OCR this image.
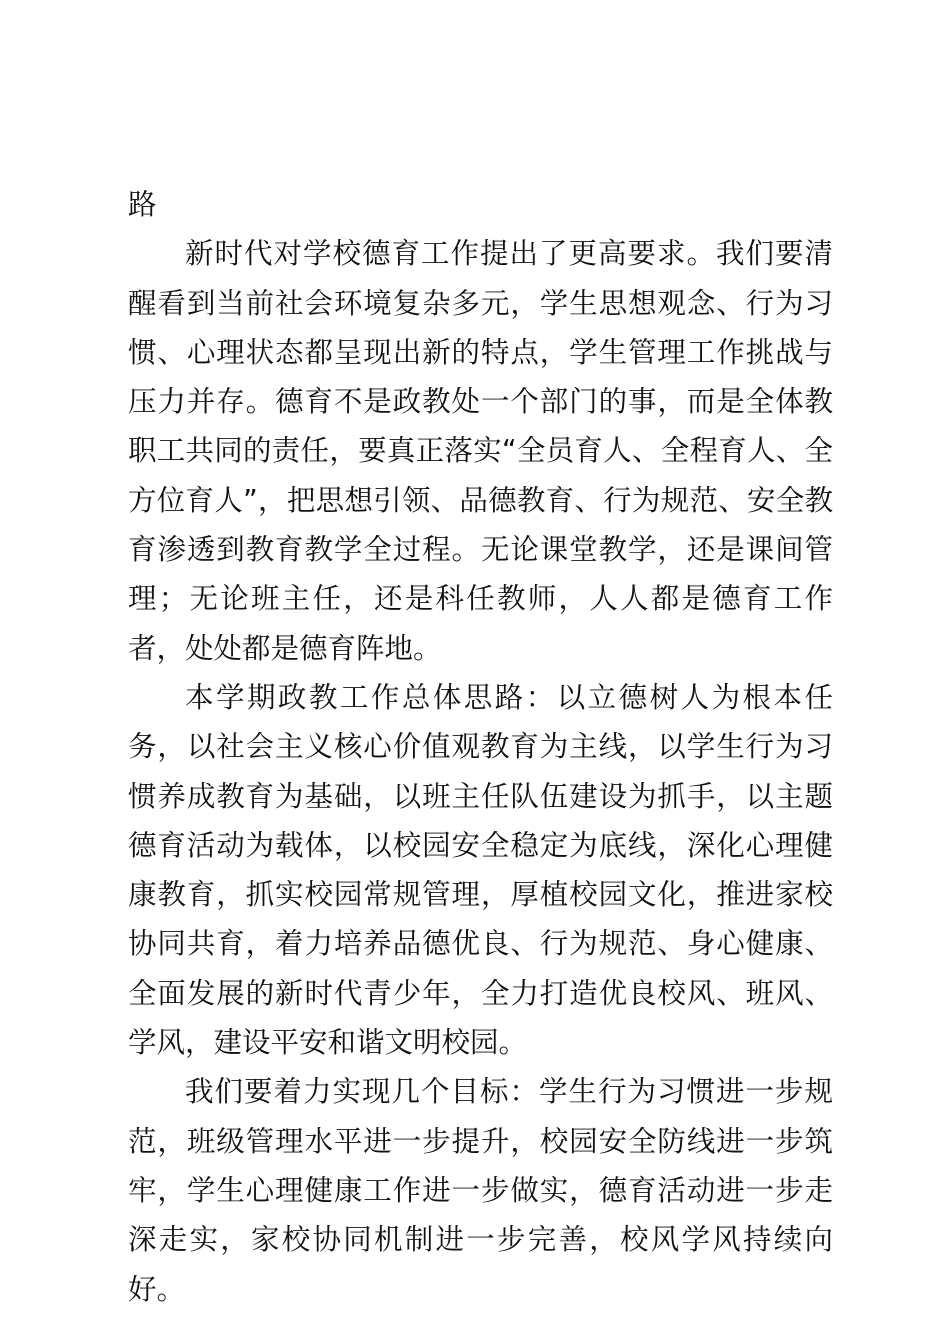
路

新时代对学校德育工作提出了更高要求。我们要清醒看到当前社会环境复杂多元，学生思想观念、行为习惯、心理状态都呈现出新的特点，学生管理工作挑战与压力并存。德育不是政教处一个部门的事，而是全体教职工共同的责任，要真正落实“全员育人、全程育人、全方位育人”，把思想引领、品德教育、行为规范、安全教育渗透到教育教学全过程。无论课堂教学，还是课间管理；无论班主任，还是科任教师，人人都是德育工作者，处处都是德育阵地。

本学期政教工作总体思路：以立德树人为根本任务，以社会主义核心价值观教育为主线，以学生行为习惯养成教育为基础，以班主任队伍建设为抓手，以主题德育活动为载体，以校园安全稳定为底线，深化心理健康教育，抓实校园常规管理，厚植校园文化，推进家校协同共育，着力培养品德优良、行为规范、身心健康、全面发展的新时代青少年，全力打造优良校风、班风、学风，建设平安和谐文明校园。

我们要着力实现几个目标：学生行为习惯进一步规范，班级管理水平进一步提升，校园安全防线进一步筑牢，学生心理健康工作进一步做实，德育活动进一步走深走实，家校协同机制进一步完善，校风学风持续向好。
